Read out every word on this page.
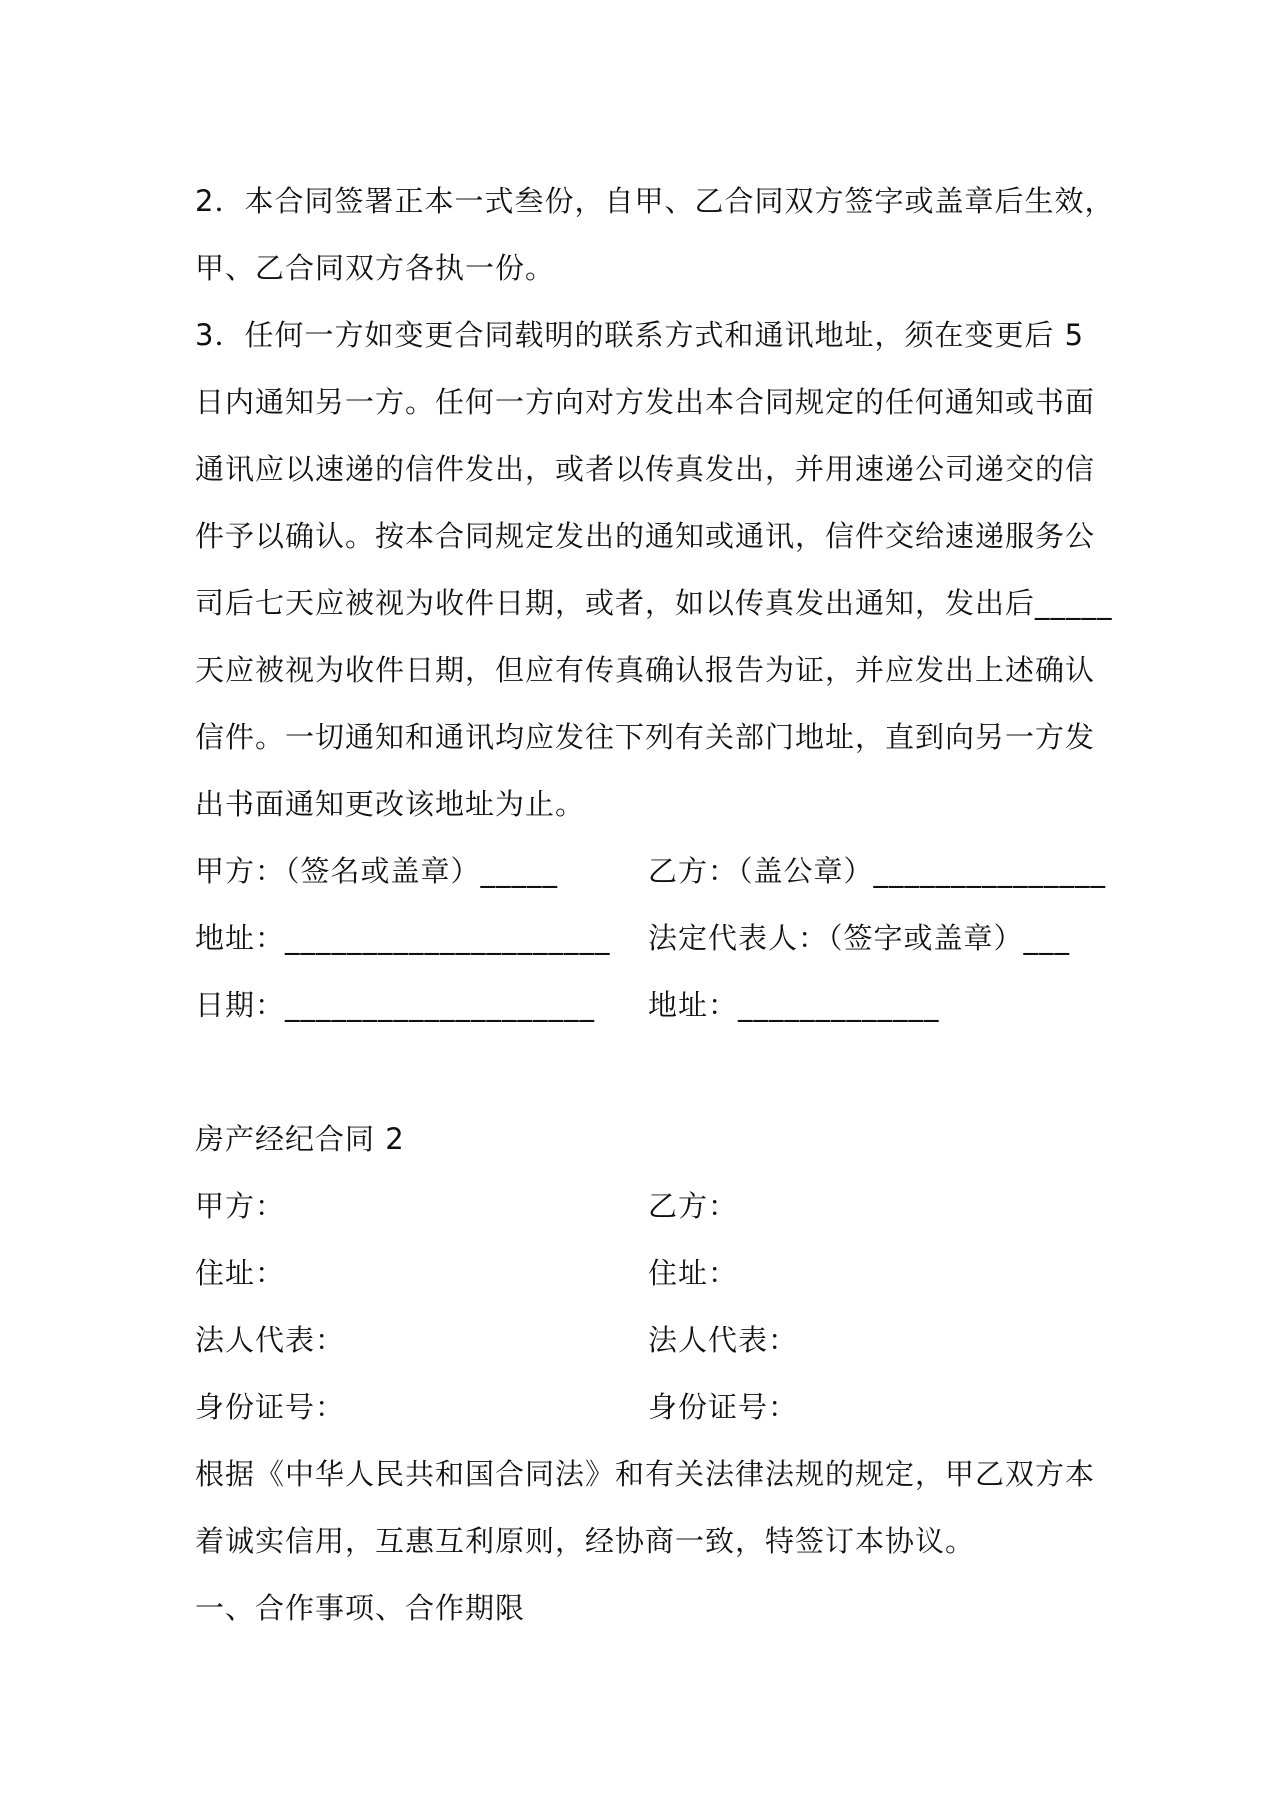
2．本合同签署正本一式叁份，自甲、乙合同双方签字或盖章后生效，
甲、乙合同双方各执一份。
3．任何一方如变更合同载明的联系方式和通讯地址，须在变更后 5
日内通知另一方。任何一方向对方发出本合同规定的任何通知或书面
通讯应以速递的信件发出，或者以传真发出，并用速递公司递交的信
件予以确认。按本合同规定发出的通知或通讯，信件交给速递服务公
司后七天应被视为收件日期，或者，如以传真发出通知，发出后_____
天应被视为收件日期，但应有传真确认报告为证，并应发出上述确认
信件。一切通知和通讯均应发往下列有关部门地址，直到向另一方发
出书面通知更改该地址为止。
甲方：（签名或盖章）_____	乙方：（盖公章）_______________
地址：_____________________ 法定代表人：（签字或盖章）___
日期：____________________ 地址：_____________
房产经纪合同 2
甲方：	乙方：
住址：	住址：
法人代表：	法人代表：
身份证号：	身份证号：
根据《中华人民共和国合同法》和有关法律法规的规定，甲乙双方本
着诚实信用，互惠互利原则，经协商一致，特签订本协议。
一、合作事项、合作期限
